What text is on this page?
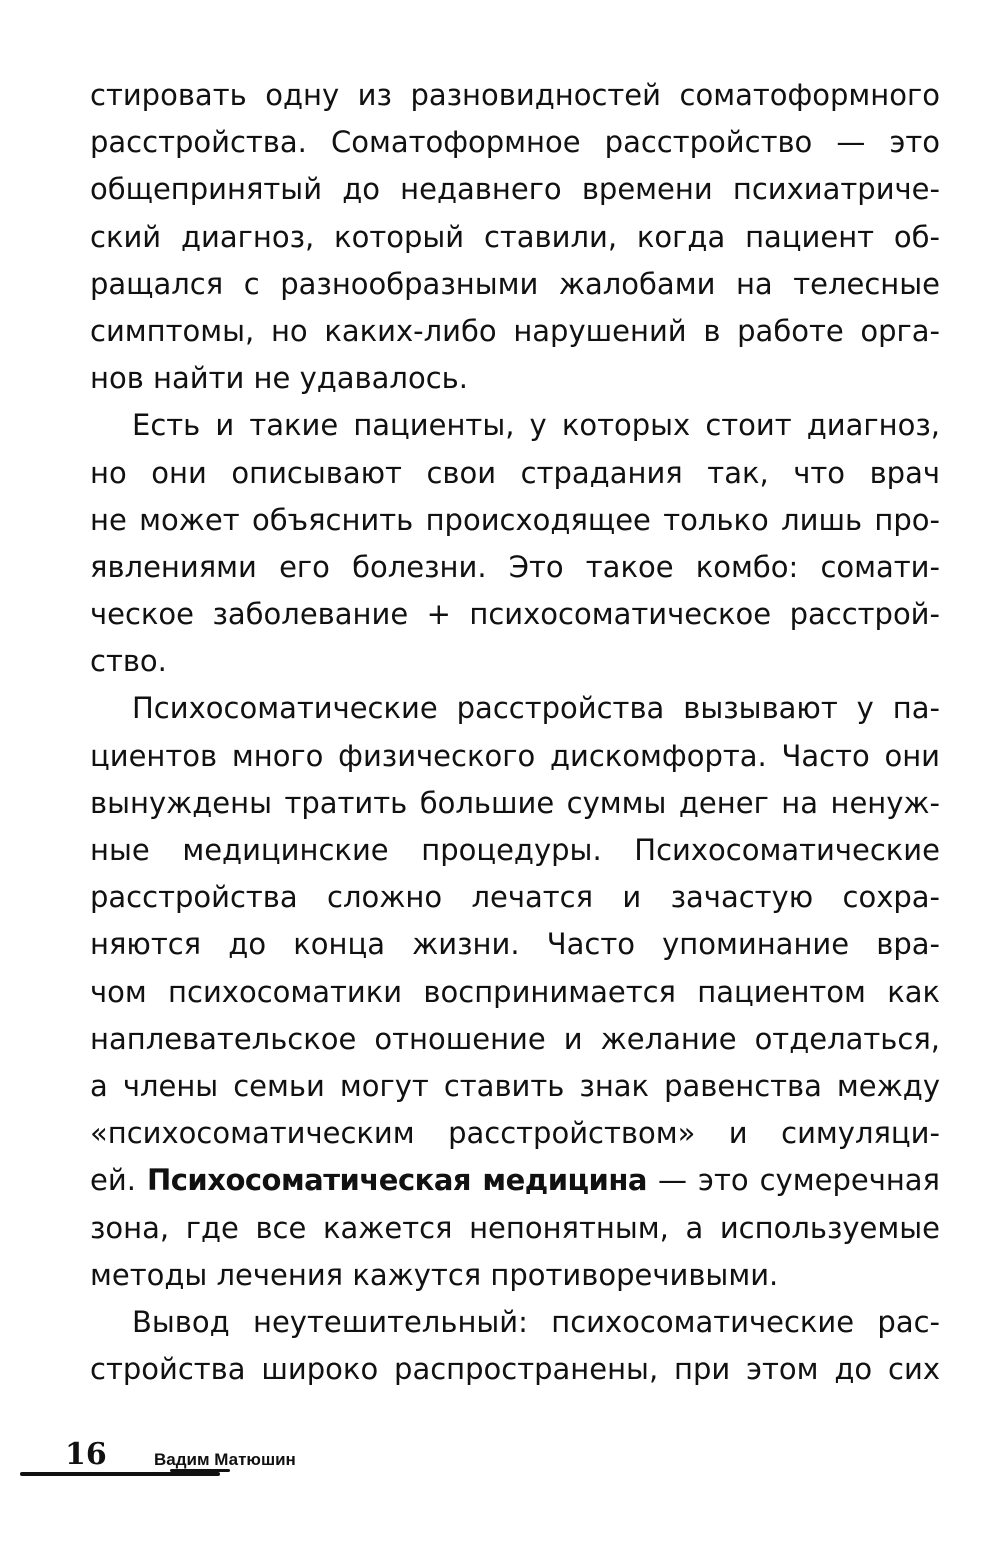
стировать одну из разновидностей соматоформного
расстройства. Соматоформное расстройство — это
общепринятый до недавнего времени психиатриче-
ский диагноз, который ставили, когда пациент об-
ращался с разнообразными жалобами на телесные
симптомы, но каких-либо нарушений в работе орга-
нов найти не удавалось.

Есть и такие пациенты, у которых стоит диагноз,
но они описывают свои страдания так, что врач
не может объяснить происходящее только лишь про-
явлениями его болезни. Это такое комбо: сомати-
ческое заболевание + психосоматическое расстрой-
ство.

Психосоматические расстройства вызывают у па-
циентов много физического дискомфорта. Часто они
вынуждены тратить большие суммы денег на ненуж-
ные медицинские процедуры. Психосоматические
расстройства сложно лечатся и зачастую сохра-
няются до конца жизни. Часто упоминание вра-
чом психосоматики воспринимается пациентом как
наплевательское отношение и желание отделаться,
а члены семьи могут ставить знак равенства между
«психосоматическим расстройством» и симуляци-
ей. Психосоматическая медицина — это сумеречная
зона, где все кажется непонятным, а используемые
методы лечения кажутся противоречивыми.

Вывод неутешительный: психосоматические рас-
стройства широко распространены, при этом до сих

16	Вадим Матюшин
